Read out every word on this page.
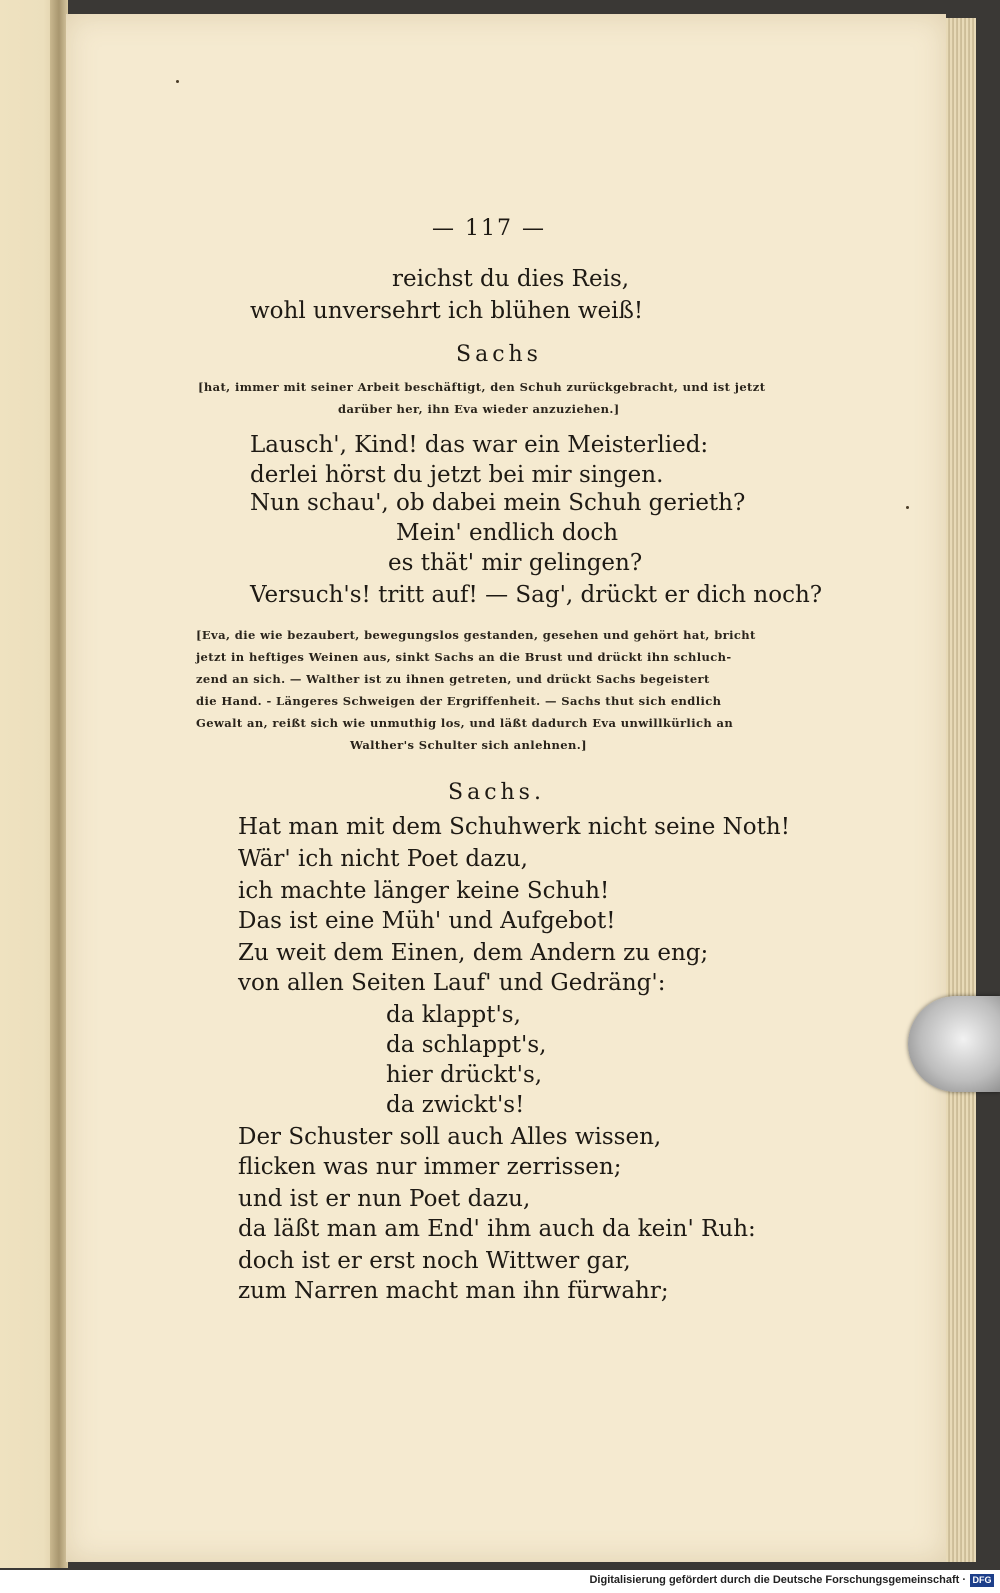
— 117 —
reichst du dies Reis,
wohl unversehrt ich blühen weiß!
Sachs
[hat, immer mit seiner Arbeit beschäftigt, den Schuh zurückgebracht, und ist jetzt
darüber her, ihn Eva wieder anzuziehen.]
Lausch', Kind! das war ein Meisterlied:
derlei hörst du jetzt bei mir singen.
Nun schau', ob dabei mein Schuh gerieth?
Mein' endlich doch
es thät' mir gelingen?
Versuch's! tritt auf! — Sag', drückt er dich noch?
[Eva, die wie bezaubert, bewegungslos gestanden, gesehen und gehört hat, bricht
jetzt in heftiges Weinen aus, sinkt Sachs an die Brust und drückt ihn schluch-
zend an sich. — Walther ist zu ihnen getreten, und drückt Sachs begeistert
die Hand. - Längeres Schweigen der Ergriffenheit. — Sachs thut sich endlich
Gewalt an, reißt sich wie unmuthig los, und läßt dadurch Eva unwillkürlich an
Walther's Schulter sich anlehnen.]
Sachs.
Hat man mit dem Schuhwerk nicht seine Noth!
Wär' ich nicht Poet dazu,
ich machte länger keine Schuh!
Das ist eine Müh' und Aufgebot!
Zu weit dem Einen, dem Andern zu eng;
von allen Seiten Lauf' und Gedräng':
da klappt's,
da schlappt's,
hier drückt's,
da zwickt's!
Der Schuster soll auch Alles wissen,
flicken was nur immer zerrissen;
und ist er nun Poet dazu,
da läßt man am End' ihm auch da kein' Ruh:
doch ist er erst noch Wittwer gar,
zum Narren macht man ihn fürwahr;
Digitalisierung gefördert durch die Deutsche Forschungsgemeinschaft · DFG
